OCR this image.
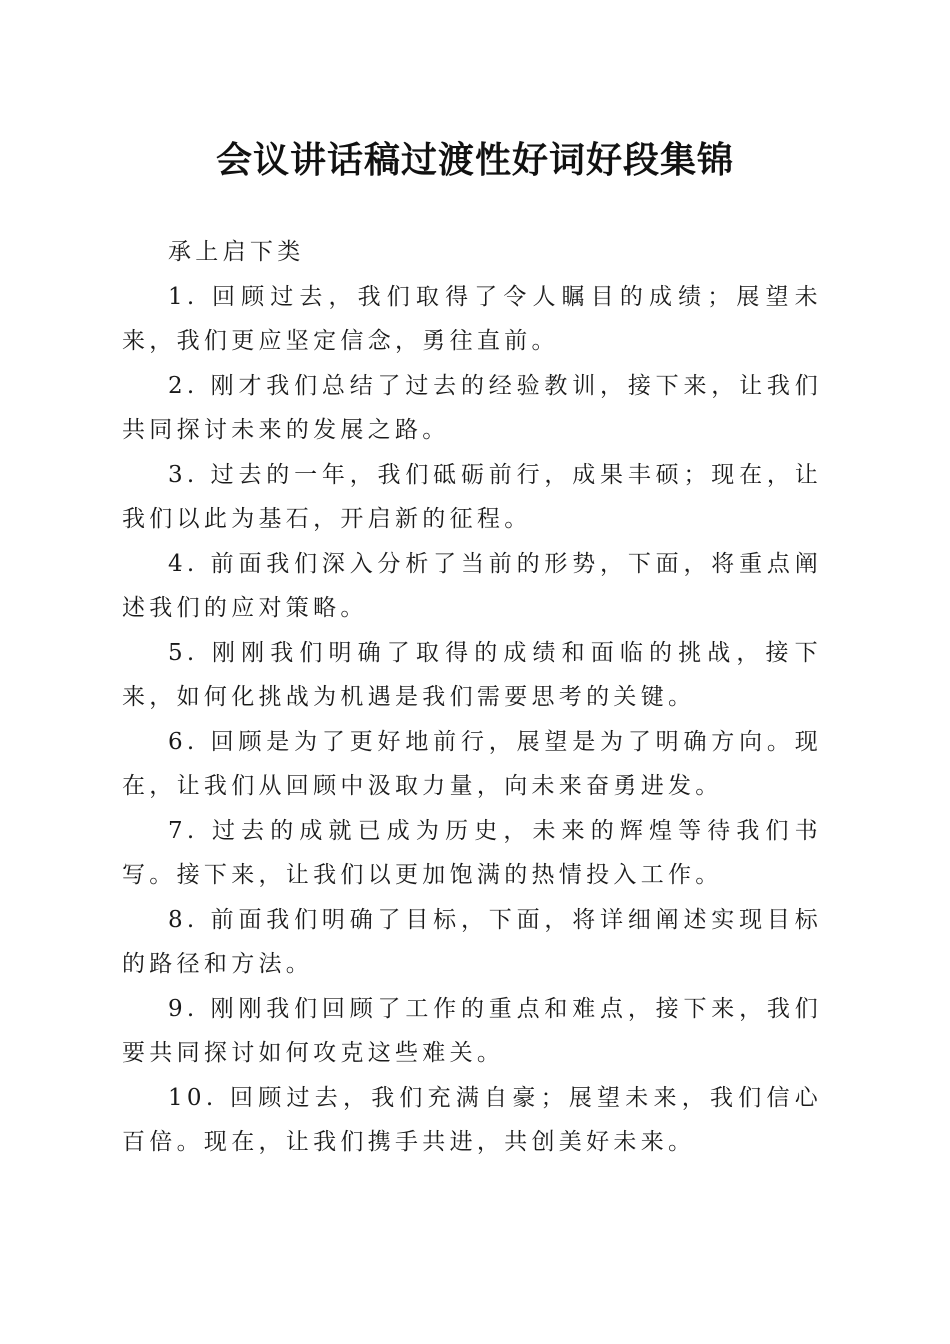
会议讲话稿过渡性好词好段集锦

承上启下类

1. 回顾过去，我们取得了令人瞩目的成绩；展望未来，我们更应坚定信念，勇往直前。

2. 刚才我们总结了过去的经验教训，接下来，让我们共同探讨未来的发展之路。

3. 过去的一年，我们砥砺前行，成果丰硕；现在，让我们以此为基石，开启新的征程。

4. 前面我们深入分析了当前的形势，下面，将重点阐述我们的应对策略。

5. 刚刚我们明确了取得的成绩和面临的挑战，接下来，如何化挑战为机遇是我们需要思考的关键。

6. 回顾是为了更好地前行，展望是为了明确方向。现在，让我们从回顾中汲取力量，向未来奋勇进发。

7. 过去的成就已成为历史，未来的辉煌等待我们书写。接下来，让我们以更加饱满的热情投入工作。

8. 前面我们明确了目标，下面，将详细阐述实现目标的路径和方法。

9. 刚刚我们回顾了工作的重点和难点，接下来，我们要共同探讨如何攻克这些难关。

10. 回顾过去，我们充满自豪；展望未来，我们信心百倍。现在，让我们携手共进，共创美好未来。
